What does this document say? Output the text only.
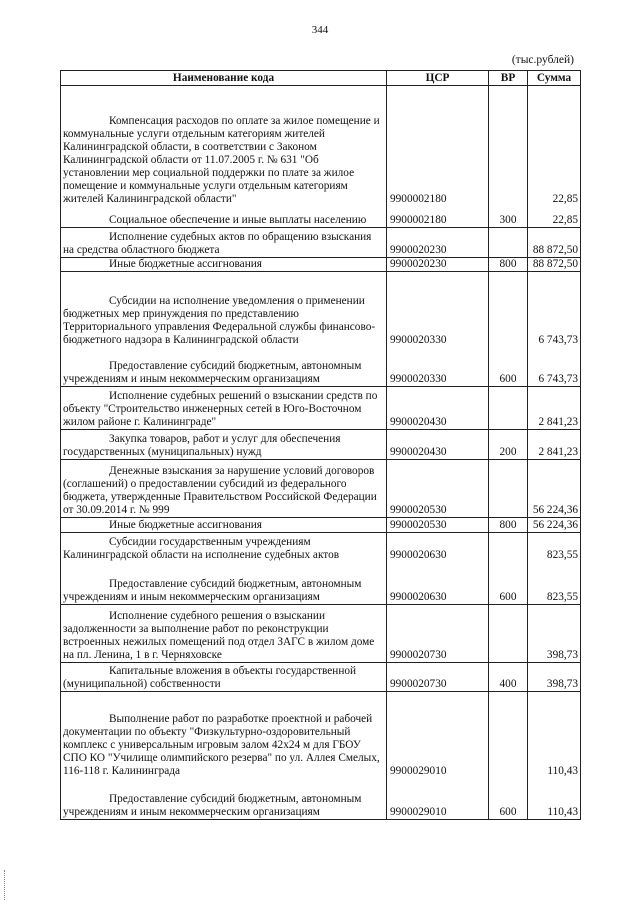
344
(тыс.рублей)
Наименование кода	ЦСР	ВР	Сумма

Компенсация расходов по оплате за жилое помещение и коммунальные услуги отдельным категориям жителей Калининградской области, в соответствии с Законом Калининградской области от 11.07.2005 г. № 631 "Об установлении мер социальной поддержки по плате за жилое помещение и коммунальные услуги отдельным категориям жителей Калининградской области"	9900002180		22,85

Социальное обеспечение и иные выплаты населению	9900002180	300	22,85

Исполнение судебных актов по обращению взыскания на средства областного бюджета	9900020230		88 872,50

Иные бюджетные ассигнования	9900020230	800	88 872,50

Субсидии на исполнение уведомления о применении бюджетных мер принуждения по представлению Территориального управления Федеральной службы финансово-бюджетного надзора в Калининградской области	9900020330		6 743,73

Предоставление субсидий бюджетным, автономным учреждениям и иным некоммерческим организациям	9900020330	600	6 743,73

Исполнение судебных решений о взыскании средств по объекту "Строительство инженерных сетей в Юго-Восточном жилом районе г. Калининграде"	9900020430		2 841,23

Закупка товаров, работ и услуг для обеспечения государственных (муниципальных) нужд	9900020430	200	2 841,23

Денежные взыскания за нарушение условий договоров (соглашений) о предоставлении субсидий из федерального бюджета, утвержденные Правительством Российской Федерации от 30.09.2014 г. № 999	9900020530		56 224,36

Иные бюджетные ассигнования	9900020530	800	56 224,36

Субсидии государственным учреждениям Калининградской области на исполнение судебных актов	9900020630		823,55

Предоставление субсидий бюджетным, автономным учреждениям и иным некоммерческим организациям	9900020630	600	823,55

Исполнение судебного решения о взыскании задолженности за выполнение работ по реконструкции встроенных нежилых помещений под отдел ЗАГС в жилом доме на пл. Ленина, 1 в г. Черняховске	9900020730		398,73

Капитальные вложения в объекты государственной (муниципальной) собственности	9900020730	400	398,73

Выполнение работ по разработке проектной и рабочей документации по объекту "Физкультурно-оздоровительный комплекс с универсальным игровым залом 42х24 м для ГБОУ СПО КО "Училище олимпийского резерва" по ул. Аллея Смелых, 116-118 г. Калининграда	9900029010		110,43

Предоставление субсидий бюджетным, автономным учреждениям и иным некоммерческим организациям	9900029010	600	110,43
